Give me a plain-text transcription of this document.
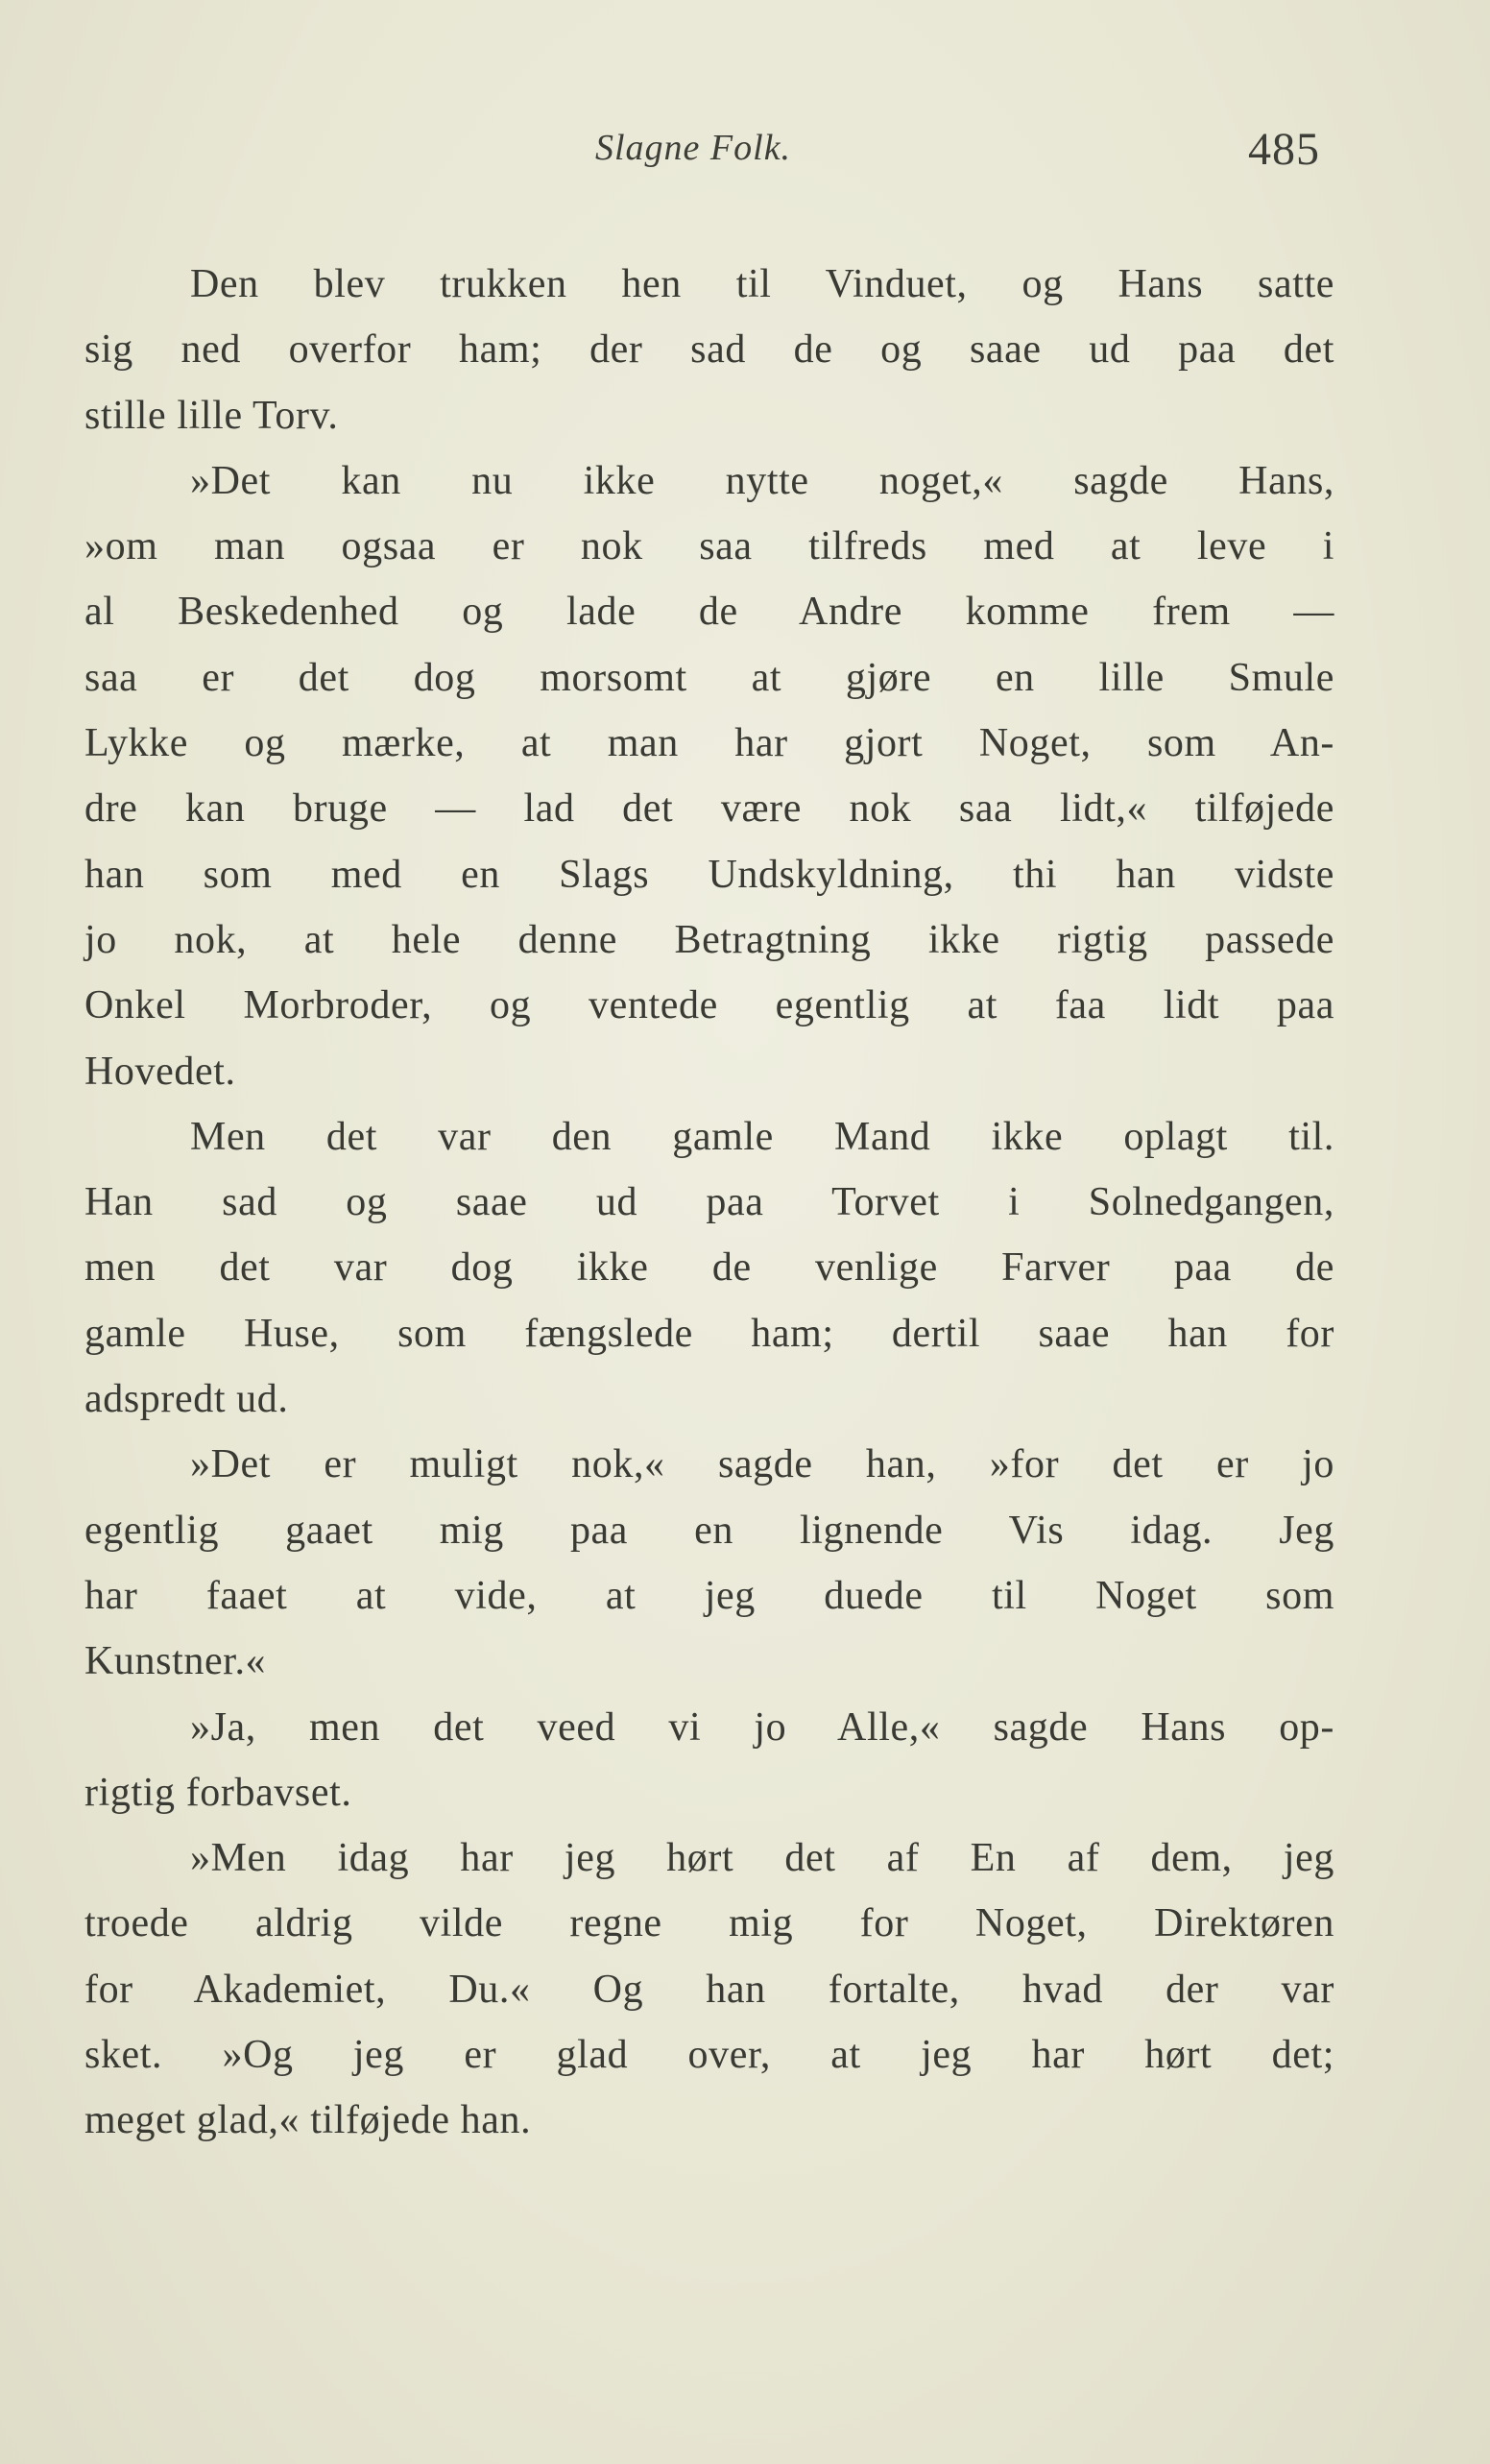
Slagne Folk.	485
Den blev trukken hen til Vinduet, og Hans satte
sig ned overfor ham; der sad de og saae ud paa det
stille lille Torv.
»Det kan nu ikke nytte noget,« sagde Hans,
»om man ogsaa er nok saa tilfreds med at leve i
al Beskedenhed og lade de Andre komme frem —
saa er det dog morsomt at gjøre en lille Smule
Lykke og mærke, at man har gjort Noget, som An-
dre kan bruge — lad det være nok saa lidt,« tilføjede
han som med en Slags Undskyldning, thi han vidste
jo nok, at hele denne Betragtning ikke rigtig passede
Onkel Morbroder, og ventede egentlig at faa lidt paa
Hovedet.
Men det var den gamle Mand ikke oplagt til.
Han sad og saae ud paa Torvet i Solnedgangen,
men det var dog ikke de venlige Farver paa de
gamle Huse, som fængslede ham; dertil saae han for
adspredt ud.
»Det er muligt nok,« sagde han, »for det er jo
egentlig gaaet mig paa en lignende Vis idag. Jeg
har faaet at vide, at jeg duede til Noget som
Kunstner.«
»Ja, men det veed vi jo Alle,« sagde Hans op-
rigtig forbavset.
»Men idag har jeg hørt det af En af dem, jeg
troede aldrig vilde regne mig for Noget, Direktøren
for Akademiet, Du.« Og han fortalte, hvad der var
sket. »Og jeg er glad over, at jeg har hørt det;
meget glad,« tilføjede han.
